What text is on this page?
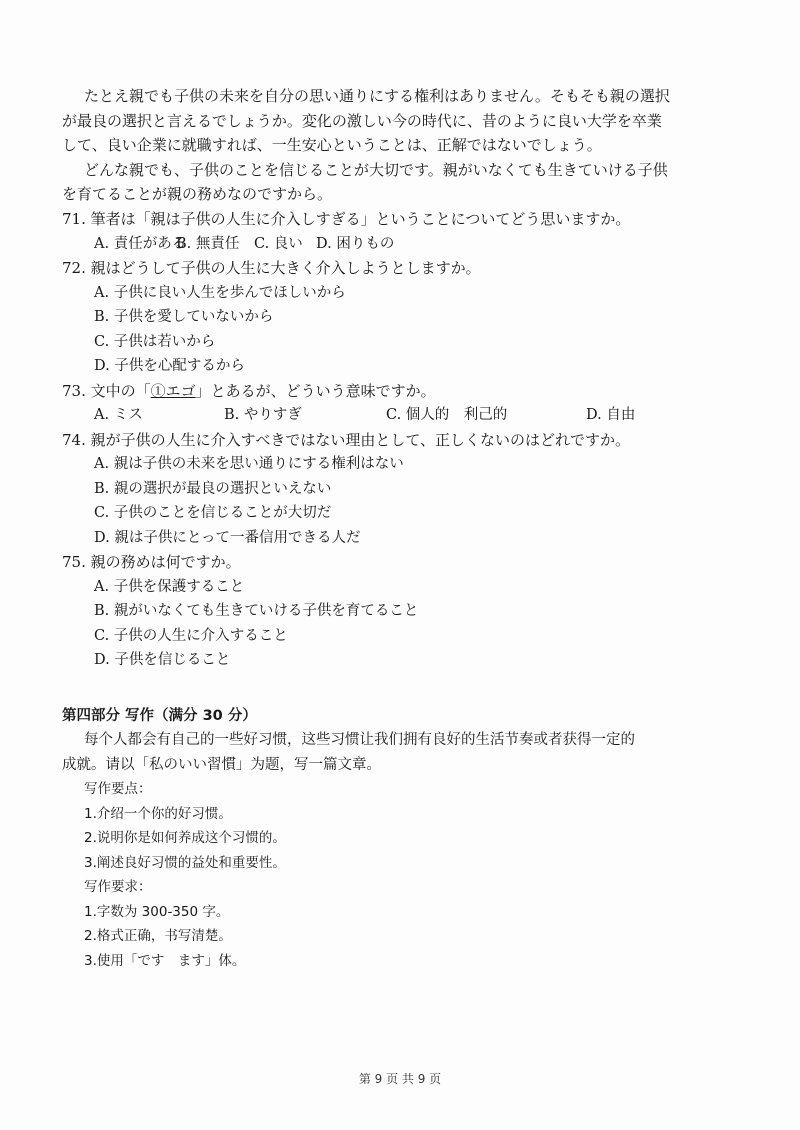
たとえ親でも子供の未来を自分の思い通りにする権利はありません。そもそも親の選択
が最良の選択と言えるでしょうか。変化の激しい今の時代に、昔のように良い大学を卒業
して、良い企業に就職すれば、一生安心ということは、正解ではないでしょう。
どんな親でも、子供のことを信じることが大切です。親がいなくても生きていける子供
を育てることが親の務めなのですから。
71. 筆者は「親は子供の人生に介入しすぎる」ということについてどう思いますか。
A. 責任がある
B. 無責任	C. 良い D. 困りもの
72. 親はどうして子供の人生に大きく介入しようとしますか。
A. 子供に良い人生を歩んでほしいから
B. 子供を愛していないから
C. 子供は若いから
D. 子供を心配するから
73. 文中の「①エゴ」とあるが、どういう意味ですか。
A. ミス	B. やりすぎ	C. 個人的　利己的	D. 自由
74. 親が子供の人生に介入すべきではない理由として、正しくないのはどれですか。
A. 親は子供の未来を思い通りにする権利はない
B. 親の選択が最良の選択といえない
C. 子供のことを信じることが大切だ
D. 親は子供にとって一番信用できる人だ
75. 親の務めは何ですか。
A. 子供を保護すること
B. 親がいなくても生きていける子供を育てること
C. 子供の人生に介入すること
D. 子供を信じること
第四部分 写作（满分 30 分）
每个人都会有自己的一些好习惯，这些习惯让我们拥有良好的生活节奏或者获得一定的
成就。请以「私のいい習慣」为题，写一篇文章。
写作要点：
1.介绍一个你的好习惯。
2.说明你是如何养成这个习惯的。
3.阐述良好习惯的益处和重要性。
写作要求：
1.字数为 300-350 字。
2.格式正确，书写清楚。
3.使用「です　ます」体。
第 9 页 共 9 页
